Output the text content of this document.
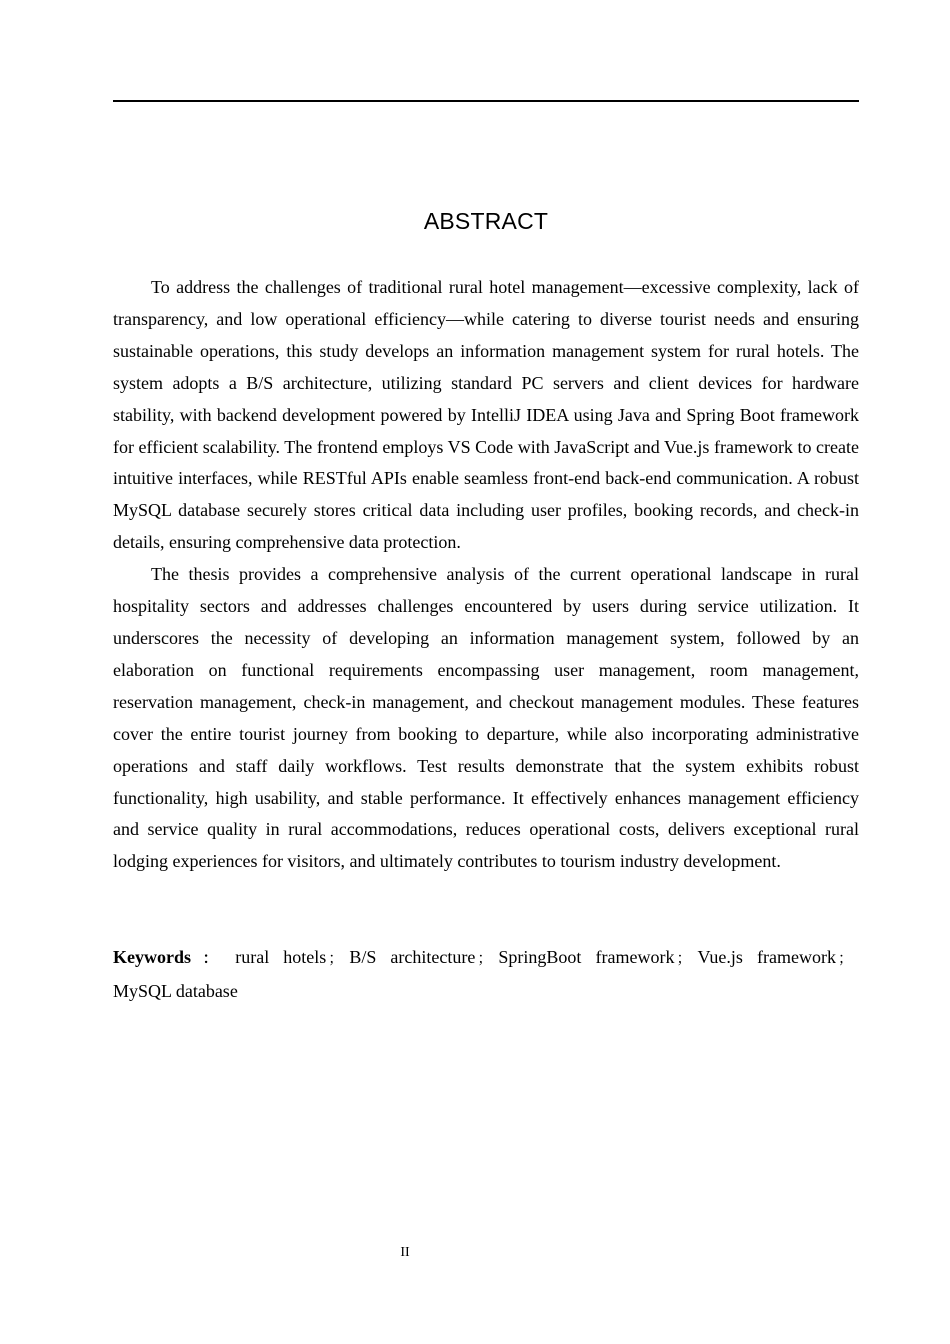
ABSTRACT

To address the challenges of traditional rural hotel management—excessive complexity, lack of transparency, and low operational efficiency—while catering to diverse tourist needs and ensuring sustainable operations, this study develops an information management system for rural hotels. The system adopts a B/S architecture, utilizing standard PC servers and client devices for hardware stability, with backend development powered by IntelliJ IDEA using Java and Spring Boot framework for efficient scalability. The frontend employs VS Code with JavaScript and Vue.js framework to create intuitive interfaces, while RESTful APIs enable seamless front-end back-end communication. A robust MySQL database securely stores critical data including user profiles, booking records, and check-in details, ensuring comprehensive data protection.

The thesis provides a comprehensive analysis of the current operational landscape in rural hospitality sectors and addresses challenges encountered by users during service utilization. It underscores the necessity of developing an information management system, followed by an elaboration on functional requirements encompassing user management, room management, reservation management, check-in management, and checkout management modules. These features cover the entire tourist journey from booking to departure, while also incorporating administrative operations and staff daily workflows. Test results demonstrate that the system exhibits robust functionality, high usability, and stable performance. It effectively enhances management efficiency and service quality in rural accommodations, reduces operational costs, delivers exceptional rural lodging experiences for visitors, and ultimately contributes to tourism industry development.

Keywords ： rural hotels ； B/S architecture ； SpringBoot framework ； Vue.js framework ；MySQL database
II
